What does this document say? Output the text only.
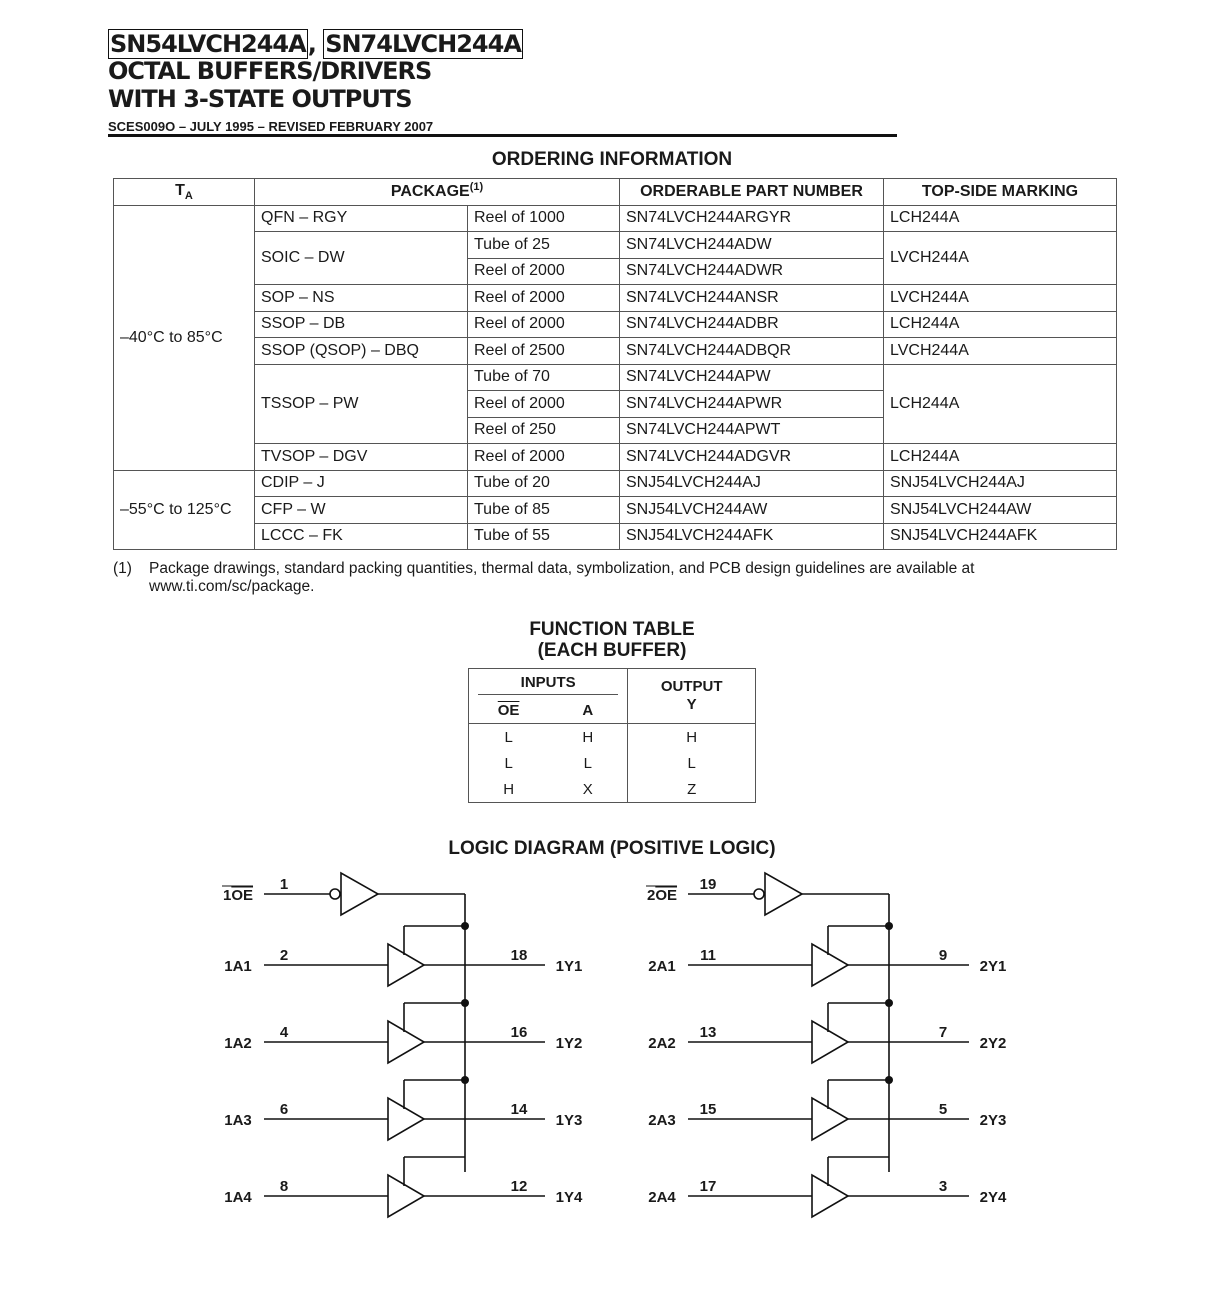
SN54LVCH244A, SN74LVCH244A
OCTAL BUFFERS/DRIVERS
WITH 3-STATE OUTPUTS
SCES009O – JULY 1995 – REVISED FEBRUARY 2007
ORDERING INFORMATION
$T_A$	PACKAGE$^{(1)}$		ORDERABLE PART NUMBER	TOP-SIDE MARKING
–40°C to 85°C	QFN – RGY	Reel of 1000	SN74LVCH244ARGYR	LCH244A
	SOIC – DW	Tube of 25	SN74LVCH244ADW	LVCH244A
		Reel of 2000	SN74LVCH244ADWR	
	SOP – NS	Reel of 2000	SN74LVCH244ANSR	LVCH244A
	SSOP – DB	Reel of 2000	SN74LVCH244ADBR	LCH244A
	SSOP (QSOP) – DBQ	Reel of 2500	SN74LVCH244ADBQR	LVCH244A
	TSSOP – PW	Tube of 70	SN74LVCH244APW	LCH244A
		Reel of 2000	SN74LVCH244APWR	
		Reel of 250	SN74LVCH244APWT	
	TVSOP – DGV	Reel of 2000	SN74LVCH244ADGVR	LCH244A
–55°C to 125°C	CDIP – J	Tube of 20	SNJ54LVCH244AJ	SNJ54LVCH244AJ
	CFP – W	Tube of 85	SNJ54LVCH244AW	SNJ54LVCH244AW
	LCCC – FK	Tube of 55	SNJ54LVCH244AFK	SNJ54LVCH244AFK
(1) Package drawings, standard packing quantities, thermal data, symbolization, and PCB design guidelines are available at www.ti.com/sc/package.
FUNCTION TABLE
(EACH BUFFER)
INPUTS		OUTPUT
Y

$\overline{OE}$	A	
L	H	H
L	L	L
H	X	Z
LOGIC DIAGRAM (POSITIVE LOGIC)
1OE
1
1A1
2	18
1Y1
1A2
4	16
1Y2
1A3
6	14
1Y3
1A4
8	12
1Y4
2OE
19
2A1
11	9
2Y1
2A2
13	7
2Y2
2A3
15	5
2Y3
2A4
17	3
2Y4
